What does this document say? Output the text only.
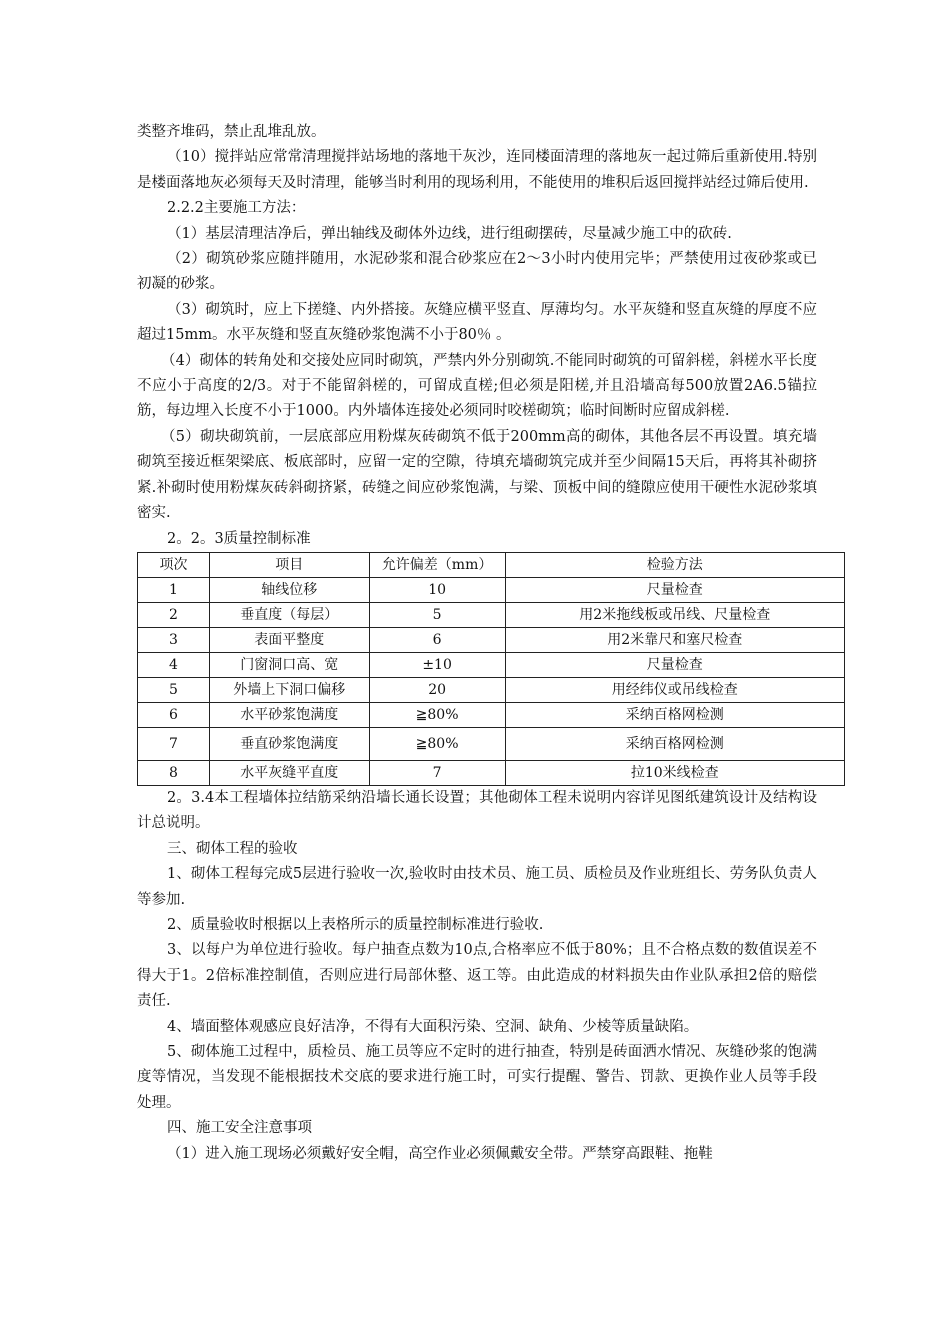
类整齐堆码，禁止乱堆乱放。

（10）搅拌站应常常清理搅拌站场地的落地干灰沙，连同楼面清理的落地灰一起过筛后重新使用.特别是楼面落地灰必须每天及时清理，能够当时利用的现场利用，不能使用的堆积后返回搅拌站经过筛后使用.

2.2.2主要施工方法：

（1）基层清理洁净后，弹出轴线及砌体外边线，进行组砌摆砖，尽量减少施工中的砍砖.

（2）砌筑砂浆应随拌随用，水泥砂浆和混合砂浆应在2～3小时内使用完毕；严禁使用过夜砂浆或已初凝的砂浆。

（3）砌筑时，应上下搓缝、内外搭接。灰缝应横平竖直、厚薄均匀。水平灰缝和竖直灰缝的厚度不应超过15mm。水平灰缝和竖直灰缝砂浆饱满不小于80％ 。

（4）砌体的转角处和交接处应同时砌筑，严禁内外分别砌筑.不能同时砌筑的可留斜槎，斜槎水平长度不应小于高度的2/3。对于不能留斜槎的，可留成直槎;但必须是阳槎,并且沿墙高每500放置2A6.5锚拉筋，每边埋入长度不小于1000。内外墙体连接处必须同时咬槎砌筑；临时间断时应留成斜槎.

（5）砌块砌筑前，一层底部应用粉煤灰砖砌筑不低于200mm高的砌体，其他各层不再设置。填充墙砌筑至接近框架梁底、板底部时，应留一定的空隙，待填充墙砌筑完成并至少间隔15天后，再将其补砌挤紧.补砌时使用粉煤灰砖斜砌挤紧，砖缝之间应砂浆饱满，与梁、顶板中间的缝隙应使用干硬性水泥砂浆填密实.

2。2。3质量控制标准

项次	项目	允许偏差（mm）	检验方法
1	轴线位移	10	尺量检查
2	垂直度（每层）	5	用2米拖线板或吊线、尺量检查
3	表面平整度	6	用2米靠尺和塞尺检查
4	门窗洞口高、宽	±10	尺量检查
5	外墙上下洞口偏移	20	用经纬仪或吊线检查
6	水平砂浆饱满度	≧80%	采纳百格网检测
7	垂直砂浆饱满度	≧80%	采纳百格网检测
8	水平灰缝平直度	7	拉10米线检查

2。3.4本工程墙体拉结筋采纳沿墙长通长设置；其他砌体工程未说明内容详见图纸建筑设计及结构设计总说明。

三、砌体工程的验收

1、砌体工程每完成5层进行验收一次,验收时由技术员、施工员、质检员及作业班组长、劳务队负责人等参加.

2、质量验收时根据以上表格所示的质量控制标准进行验收.

3、以每户为单位进行验收。每户抽查点数为10点,合格率应不低于80%；且不合格点数的数值误差不得大于1。2倍标准控制值，否则应进行局部休整、返工等。由此造成的材料损失由作业队承担2倍的赔偿责任.

4、墙面整体观感应良好洁净，不得有大面积污染、空洞、缺角、少棱等质量缺陷。

5、砌体施工过程中，质检员、施工员等应不定时的进行抽查，特别是砖面洒水情况、灰缝砂浆的饱满度等情况，当发现不能根据技术交底的要求进行施工时，可实行提醒、警告、罚款、更换作业人员等手段处理。

四、施工安全注意事项

（1）进入施工现场必须戴好安全帽，高空作业必须佩戴安全带。严禁穿高跟鞋、拖鞋
